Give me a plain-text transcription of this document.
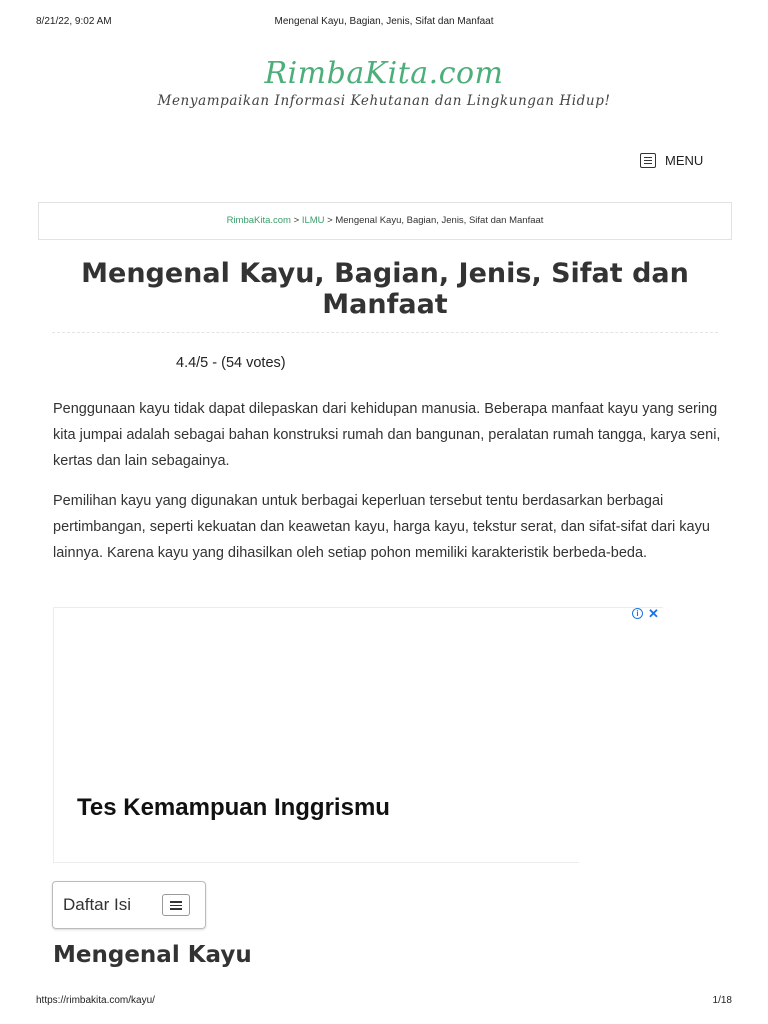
8/21/22, 9:02 AM	Mengenal Kayu, Bagian, Jenis, Sifat dan Manfaat
RimbaKita.com
Menyampaikan Informasi Kehutanan dan Lingkungan Hidup!
MENU
RimbaKita.com > ILMU > Mengenal Kayu, Bagian, Jenis, Sifat dan Manfaat
Mengenal Kayu, Bagian, Jenis, Sifat dan Manfaat
4.4/5 - (54 votes)

Penggunaan kayu tidak dapat dilepaskan dari kehidupan manusia. Beberapa manfaat kayu yang sering kita jumpai adalah sebagai bahan konstruksi rumah dan bangunan, peralatan rumah tangga, karya seni, kertas dan lain sebagainya.

Pemilihan kayu yang digunakan untuk berbagai keperluan tersebut tentu berdasarkan berbagai pertimbangan, seperti kekuatan dan keawetan kayu, harga kayu, tekstur serat, dan sifat-sifat dari kayu lainnya. Karena kayu yang dihasilkan oleh setiap pohon memiliki karakteristik berbeda-beda.

i ✕
Tes Kemampuan Inggrismu
Daftar Isi
Mengenal Kayu
https://rimbakita.com/kayu/	1/18
